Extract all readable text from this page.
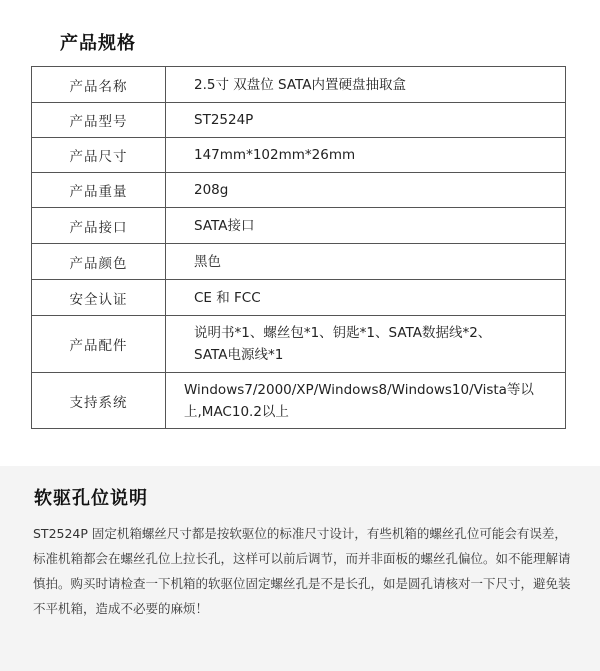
产品规格
产品名称	2.5寸 双盘位 SATA内置硬盘抽取盒
产品型号	ST2524P
产品尺寸	147mm*102mm*26mm
产品重量	208g
产品接口	SATA接口
产品颜色	黑色
安全认证	CE 和 FCC
产品配件	说明书*1、螺丝包*1、钥匙*1、SATA数据线*2、
SATA电源线*1

支持系统	Windows7/2000/XP/Windows8/Windows10/Vista等以
上,MAC10.2以上
软驱孔位说明
ST2524P 固定机箱螺丝尺寸都是按软驱位的标准尺寸设计，有些机箱的螺丝孔位可能会有误差，标准机箱都会在螺丝孔位上拉长孔，这样可以前后调节，而并非面板的螺丝孔偏位。如不能理解请慎拍。购买时请检查一下机箱的软驱位固定螺丝孔是不是长孔，如是圆孔请核对一下尺寸，避免装不平机箱，造成不必要的麻烦！
